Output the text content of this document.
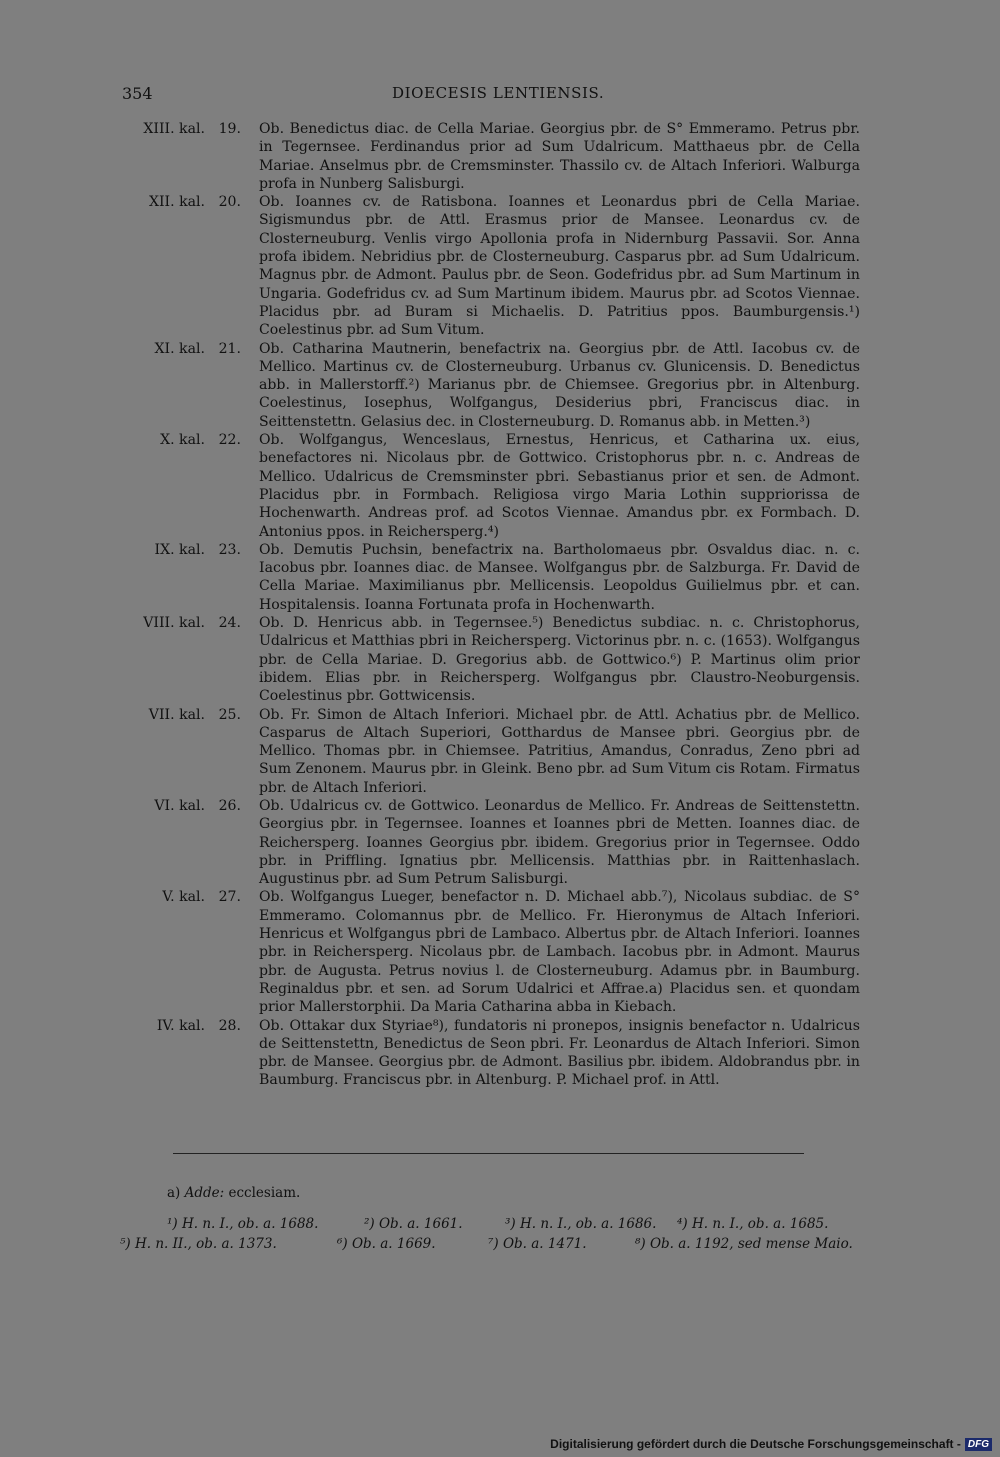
354	DIOECESIS LENTIENSIS.
XIII. kal. 19. Ob. Benedictus diac. de Cella Mariae. Georgius pbr. de S° Emmeramo. Petrus pbr. in Tegernsee. Ferdinandus prior ad Sum Udalricum. Matthaeus pbr. de Cella Mariae. Anselmus pbr. de Cremsminster. Thassilo cv. de Altach Inferiori. Walburga profa in Nunberg Salisburgi.
XII. kal. 20. Ob. Ioannes cv. de Ratisbona. Ioannes et Leonardus pbri de Cella Mariae. Sigismundus pbr. de Attl. Erasmus prior de Mansee. Leonardus cv. de Closterneuburg. Venlis virgo Apollonia profa in Nidernburg Passavii. Sor. Anna profa ibidem. Nebridius pbr. de Closterneuburg. Casparus pbr. ad Sum Udalricum. Magnus pbr. de Admont. Paulus pbr. de Seon. Godefridus pbr. ad Sum Martinum in Ungaria. Godefridus cv. ad Sum Martinum ibidem. Maurus pbr. ad Scotos Viennae. Placidus pbr. ad Buram si Michaelis. D. Patritius ppos. Baumburgensis.¹) Coelestinus pbr. ad Sum Vitum.
XI. kal. 21. Ob. Catharina Mautnerin, benefactrix na. Georgius pbr. de Attl. Iacobus cv. de Mellico. Martinus cv. de Closterneuburg. Urbanus cv. Glunicensis. D. Benedictus abb. in Mallerstorff.²) Marianus pbr. de Chiemsee. Gregorius pbr. in Altenburg. Coelestinus, Iosephus, Wolfgangus, Desiderius pbri, Franciscus diac. in Seittenstettn. Gelasius dec. in Closterneuburg. D. Romanus abb. in Metten.³)
X. kal. 22. Ob. Wolfgangus, Wenceslaus, Ernestus, Henricus, et Catharina ux. eius, benefactores ni. Nicolaus pbr. de Gottwico. Cristophorus pbr. n. c. Andreas de Mellico. Udalricus de Cremsminster pbri. Sebastianus prior et sen. de Admont. Placidus pbr. in Formbach. Religiosa virgo Maria Lothin suppriorissa de Hochenwarth. Andreas prof. ad Scotos Viennae. Amandus pbr. ex Formbach. D. Antonius ppos. in Reichersperg.⁴)
IX. kal. 23. Ob. Demutis Puchsin, benefactrix na. Bartholomaeus pbr. Osvaldus diac. n. c. Iacobus pbr. Ioannes diac. de Mansee. Wolfgangus pbr. de Salzburga. Fr. David de Cella Mariae. Maximilianus pbr. Mellicensis. Leopoldus Guilielmus pbr. et can. Hospitalensis. Ioanna Fortunata profa in Hochenwarth.
VIII. kal. 24. Ob. D. Henricus abb. in Tegernsee.⁵) Benedictus subdiac. n. c. Christophorus, Udalricus et Matthias pbri in Reichersperg. Victorinus pbr. n. c. (1653). Wolfgangus pbr. de Cella Mariae. D. Gregorius abb. de Gottwico.⁶) P. Martinus olim prior ibidem. Elias pbr. in Reichersperg. Wolfgangus pbr. Claustro-Neoburgensis. Coelestinus pbr. Gottwicensis.
VII. kal. 25. Ob. Fr. Simon de Altach Inferiori. Michael pbr. de Attl. Achatius pbr. de Mellico. Casparus de Altach Superiori, Gotthardus de Mansee pbri. Georgius pbr. de Mellico. Thomas pbr. in Chiemsee. Patritius, Amandus, Conradus, Zeno pbri ad Sum Zenonem. Maurus pbr. in Gleink. Beno pbr. ad Sum Vitum cis Rotam. Firmatus pbr. de Altach Inferiori.
VI. kal. 26. Ob. Udalricus cv. de Gottwico. Leonardus de Mellico. Fr. Andreas de Seittenstettn. Georgius pbr. in Tegernsee. Ioannes et Ioannes pbri de Metten. Ioannes diac. de Reichersperg. Ioannes Georgius pbr. ibidem. Gregorius prior in Tegernsee. Oddo pbr. in Priffling. Ignatius pbr. Mellicensis. Matthias pbr. in Raittenhaslach. Augustinus pbr. ad Sum Petrum Salisburgi.
V. kal. 27. Ob. Wolfgangus Lueger, benefactor n. D. Michael abb.⁷), Nicolaus subdiac. de S° Emmeramo. Colomannus pbr. de Mellico. Fr. Hieronymus de Altach Inferiori. Henricus et Wolfgangus pbri de Lambaco. Albertus pbr. de Altach Inferiori. Ioannes pbr. in Reichersperg. Nicolaus pbr. de Lambach. Iacobus pbr. in Admont. Maurus pbr. de Augusta. Petrus novius l. de Closterneuburg. Adamus pbr. in Baumburg. Reginaldus pbr. et sen. ad Sorum Udalrici et Affrae.a) Placidus sen. et quondam prior Mallerstorphii. Da Maria Catharina abba in Kiebach.
IV. kal. 28. Ob. Ottakar dux Styriae⁸), fundatoris ni pronepos, insignis benefactor n. Udalricus de Seittenstettn, Benedictus de Seon pbri. Fr. Leonardus de Altach Inferiori. Simon pbr. de Mansee. Georgius pbr. de Admont. Basilius pbr. ibidem. Aldobrandus pbr. in Baumburg. Franciscus pbr. in Altenburg. P. Michael prof. in Attl.
a) Adde: ecclesiam.
¹) H. n. I., ob. a. 1688.	²) Ob. a. 1661.	³) H. n. I., ob. a. 1686. ⁴) H. n. I., ob. a. 1685.
⁵) H. n. II., ob. a. 1373.	⁶) Ob. a. 1669.	⁷) Ob. a. 1471.	⁸) Ob. a. 1192, sed mense Maio.
Digitalisierung gefördert durch die Deutsche Forschungsgemeinschaft - DFG
